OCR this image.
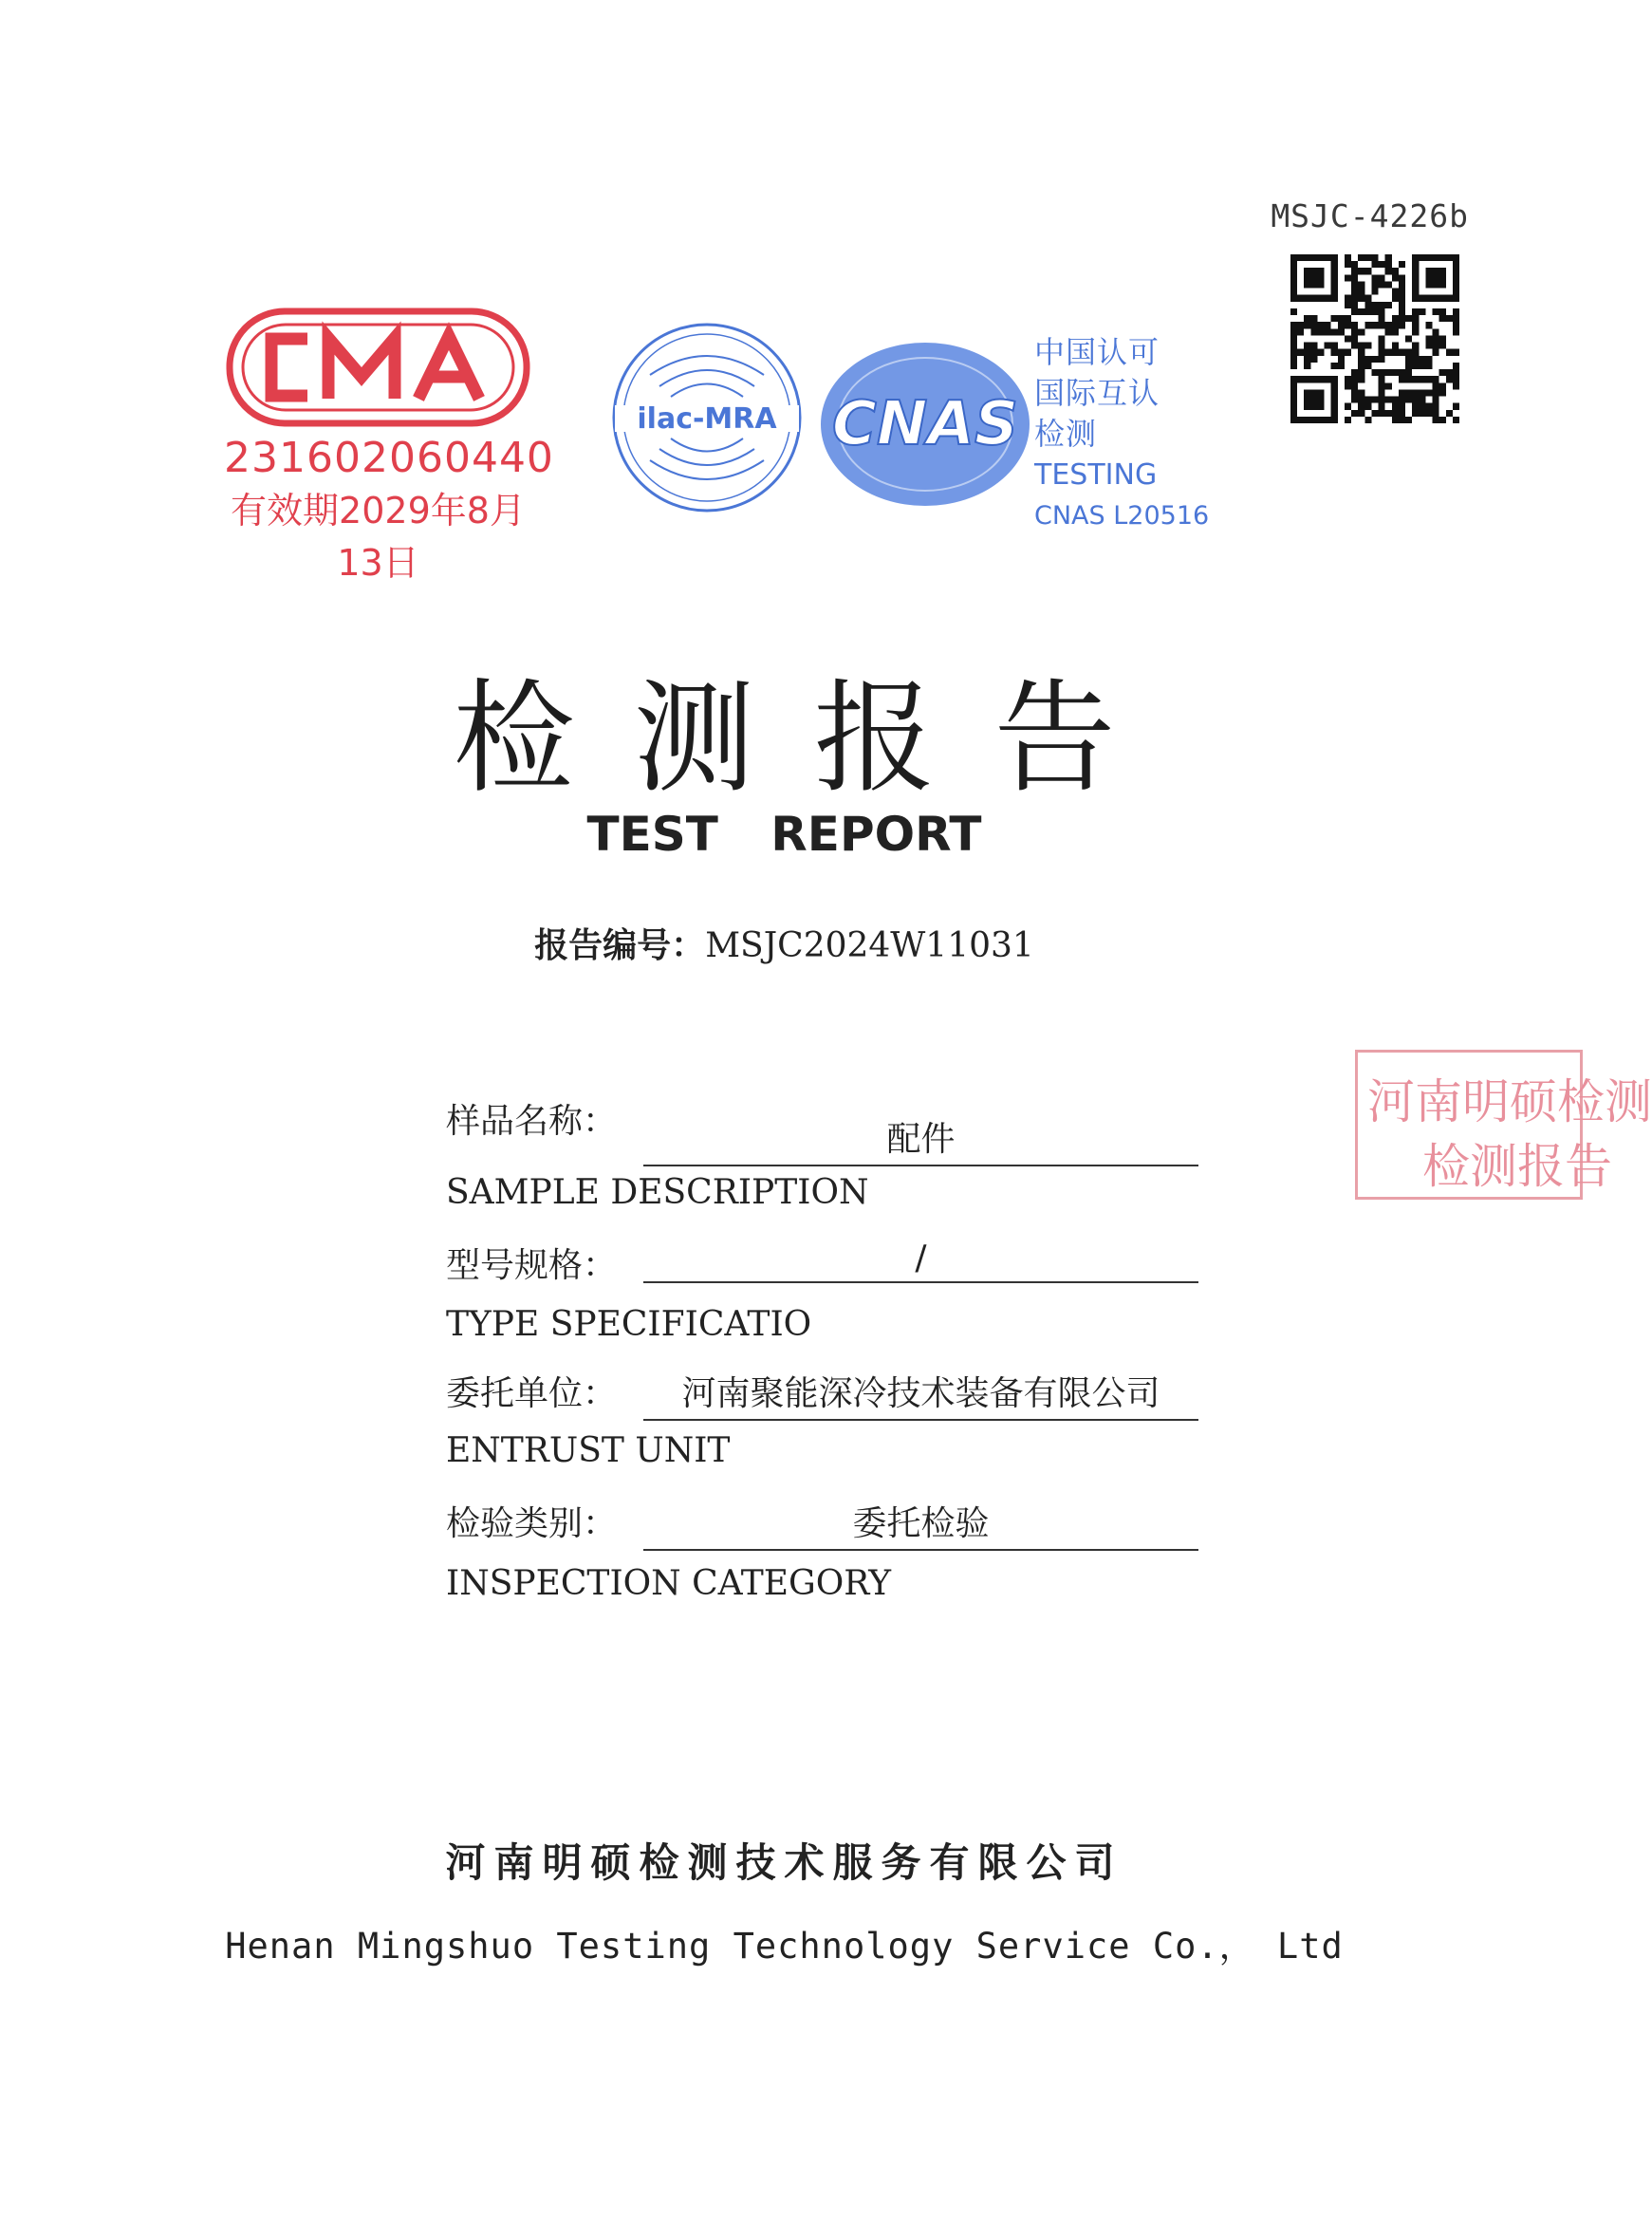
MSJC-4226b
231602060440
有效期2029年8月13日
ilac-MRA CNAS
中国认可
国际互认
检测
TESTING
CNAS L20516
检测报告
TEST REPORT
报告编号：MSJC2024W11031
河南明硕检测
检测报告
样品名称：	配件
SAMPLE DESCRIPTION
型号规格：	/
TYPE SPECIFICATIO
委托单位：	河南聚能深冷技术装备有限公司
ENTRUST UNIT
检验类别：	委托检验
INSPECTION CATEGORY
河南明硕检测技术服务有限公司
Henan Mingshuo Testing Technology Service Co.， Ltd
